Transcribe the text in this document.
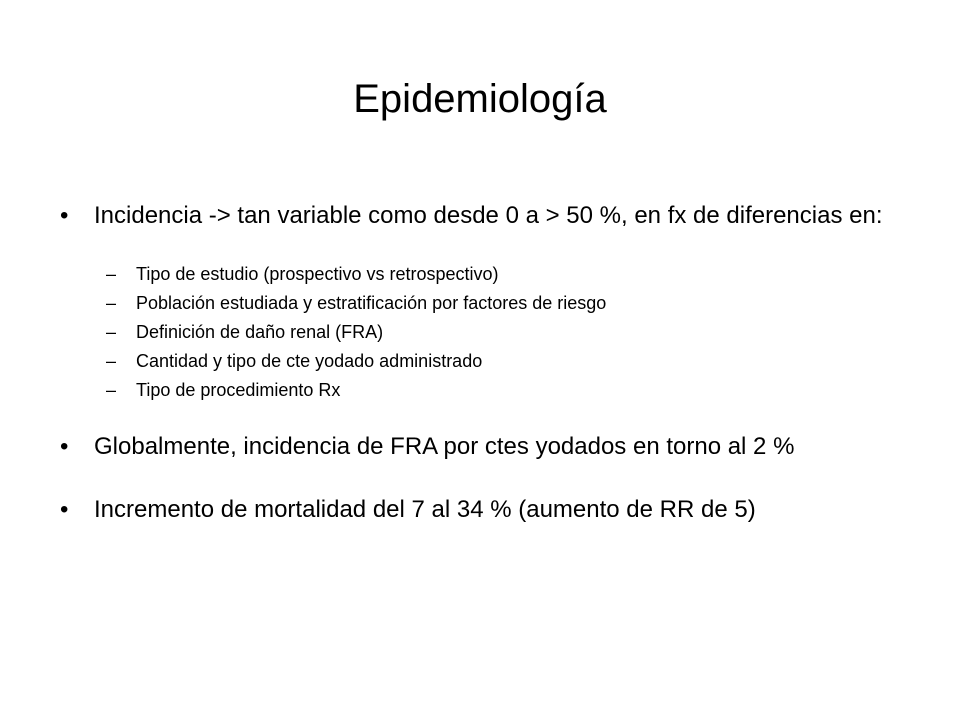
Epidemiología
• Incidencia -> tan variable como desde 0 a > 50 %, en fx de diferencias en:
– Tipo de estudio (prospectivo vs retrospectivo)
– Población estudiada y estratificación por factores de riesgo
– Definición de daño renal (FRA)
– Cantidad y tipo de cte yodado administrado
– Tipo de procedimiento Rx
• Globalmente, incidencia de FRA por ctes yodados en torno al 2 %
• Incremento de mortalidad del 7 al 34 % (aumento de RR de 5)
